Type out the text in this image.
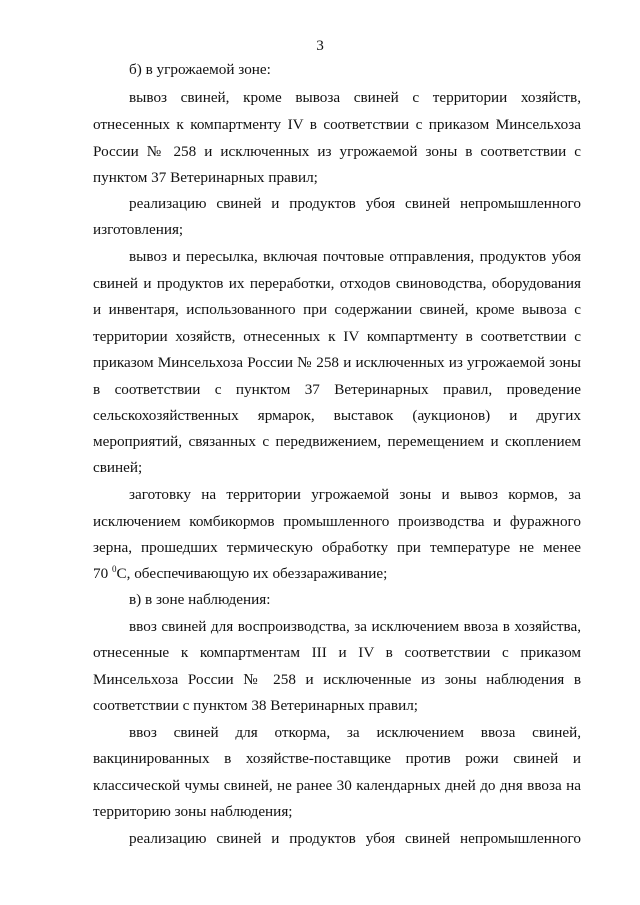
3
б) в угрожаемой зоне:
вывоз свиней, кроме вывоза свиней с территории хозяйств,
отнесенных к компартменту IV в соответствии с приказом Минсельхоза
России № 258 и исключенных из угрожаемой зоны в соответствии с
пунктом 37 Ветеринарных правил;
реализацию свиней и продуктов убоя свиней непромышленного
изготовления;
вывоз и пересылка, включая почтовые отправления, продуктов убоя
свиней и продуктов их переработки, отходов свиноводства, оборудования
и инвентаря, использованного при содержании свиней, кроме вывоза с
территории хозяйств, отнесенных к IV компартменту в соответствии с
приказом Минсельхоза России № 258 и исключенных из угрожаемой зоны
в соответствии с пунктом 37 Ветеринарных правил, проведение
сельскохозяйственных ярмарок, выставок (аукционов) и других
мероприятий, связанных с передвижением, перемещением и скоплением
свиней;
заготовку на территории угрожаемой зоны и вывоз кормов, за
исключением комбикормов промышленного производства и фуражного
зерна, прошедших термическую обработку при температуре не менее
70 $^0$С, обеспечивающую их обеззараживание;
в) в зоне наблюдения:
ввоз свиней для воспроизводства, за исключением ввоза в хозяйства,
отнесенные к компартментам III и IV в соответствии с приказом
Минсельхоза России № 258 и исключенные из зоны наблюдения в
соответствии с пунктом 38 Ветеринарных правил;
ввоз свиней для откорма, за исключением ввоза свиней,
вакцинированных в хозяйстве-поставщике против рожи свиней и
классической чумы свиней, не ранее 30 календарных дней до дня ввоза на
территорию зоны наблюдения;
реализацию свиней и продуктов убоя свиней непромышленного
